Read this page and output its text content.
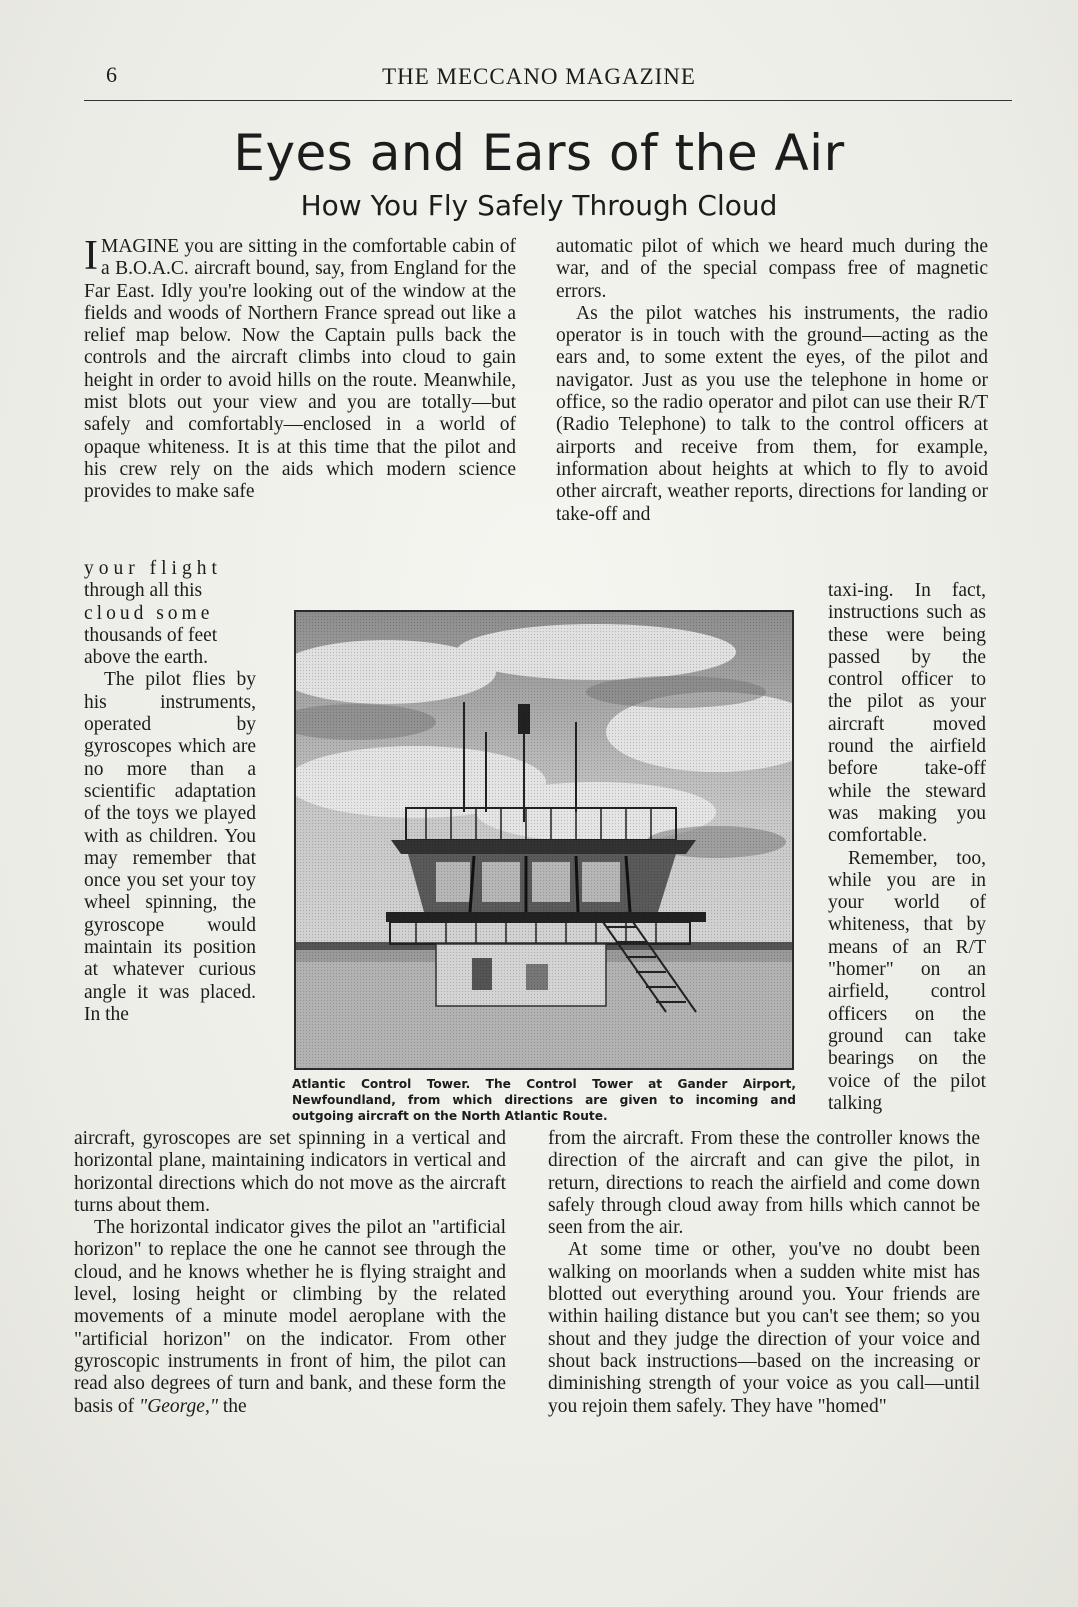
6	THE MECCANO MAGAZINE
Eyes and Ears of the Air
How You Fly Safely Through Cloud

IMAGINE you are sitting in the comfortable cabin of a B.O.A.C. aircraft bound, say, from England for the Far East. Idly you're looking out of the window at the fields and woods of Northern France spread out like a relief map below. Now the Captain pulls back the controls and the aircraft climbs into cloud to gain height in order to avoid hills on the route. Meanwhile, mist blots out your view and you are totally—but safely and comfortably—enclosed in a world of opaque whiteness. It is at this time that the pilot and his crew rely on the aids which modern science provides to make safe

your flight

through all this

cloud some

thousands of feet

above the earth.

The pilot flies by his instruments, operated by gyroscopes which are no more than a scientific adaptation of the toys we played with as children. You may remember that once you set your toy wheel spinning, the gyroscope would maintain its position at whatever curious angle it was placed. In the

aircraft, gyroscopes are set spinning in a vertical and horizontal plane, maintaining indicators in vertical and horizontal directions which do not move as the aircraft turns about them.

The horizontal indicator gives the pilot an "artificial horizon" to replace the one he cannot see through the cloud, and he knows whether he is flying straight and level, losing height or climbing by the related movements of a minute model aeroplane with the "artificial horizon" on the indicator. From other gyroscopic instruments in front of him, the pilot can read also degrees of turn and bank, and these form the basis of "George," the

automatic pilot of which we heard much during the war, and of the special compass free of magnetic errors.

As the pilot watches his instruments, the radio operator is in touch with the ground—acting as the ears and, to some extent the eyes, of the pilot and navigator. Just as you use the telephone in home or office, so the radio operator and pilot can use their R/T (Radio Telephone) to talk to the control officers at airports and receive from them, for example, information about heights at which to fly to avoid other aircraft, weather reports, directions for landing or take-off and

taxi-ing. In fact, instructions such as these were being passed by the control officer to the pilot as your aircraft moved round the airfield before take-off while the steward was making you comfortable.

Remember, too, while you are in your world of whiteness, that by means of an R/T "homer" on an airfield, control officers on the ground can take bearings on the voice of the pilot talking

from the aircraft. From these the controller knows the direction of the aircraft and can give the pilot, in return, directions to reach the airfield and come down safely through cloud away from hills which cannot be seen from the air.

At some time or other, you've no doubt been walking on moorlands when a sudden white mist has blotted out everything around you. Your friends are within hailing distance but you can't see them; so you shout and they judge the direction of your voice and shout back instructions—based on the increasing or diminishing strength of your voice as you call—until you rejoin them safely. They have "homed"

Atlantic Control Tower. The Control Tower at Gander Airport, Newfoundland, from which directions are given to incoming and outgoing aircraft on the North Atlantic Route.
